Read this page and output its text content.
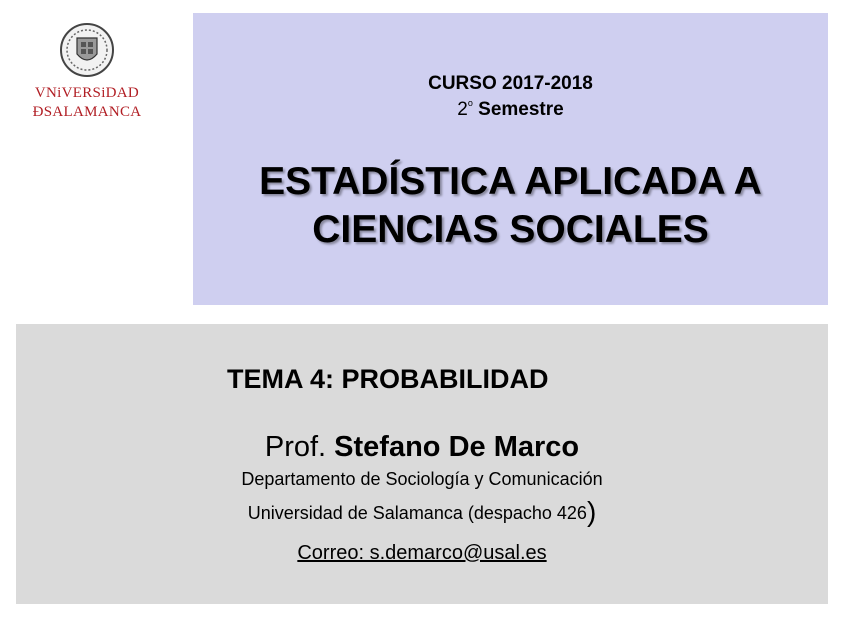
VNiVERSiDAD
ÐSALAMANCA
CURSO 2017-2018
2$^o$ Semestre
ESTADÍSTICA APLICADA A
CIENCIAS SOCIALES
TEMA 4: PROBABILIDAD
Prof. Stefano De Marco
Departamento de Sociología y Comunicación
Universidad de Salamanca (despacho 426)
Correo: s.demarco@usal.es
